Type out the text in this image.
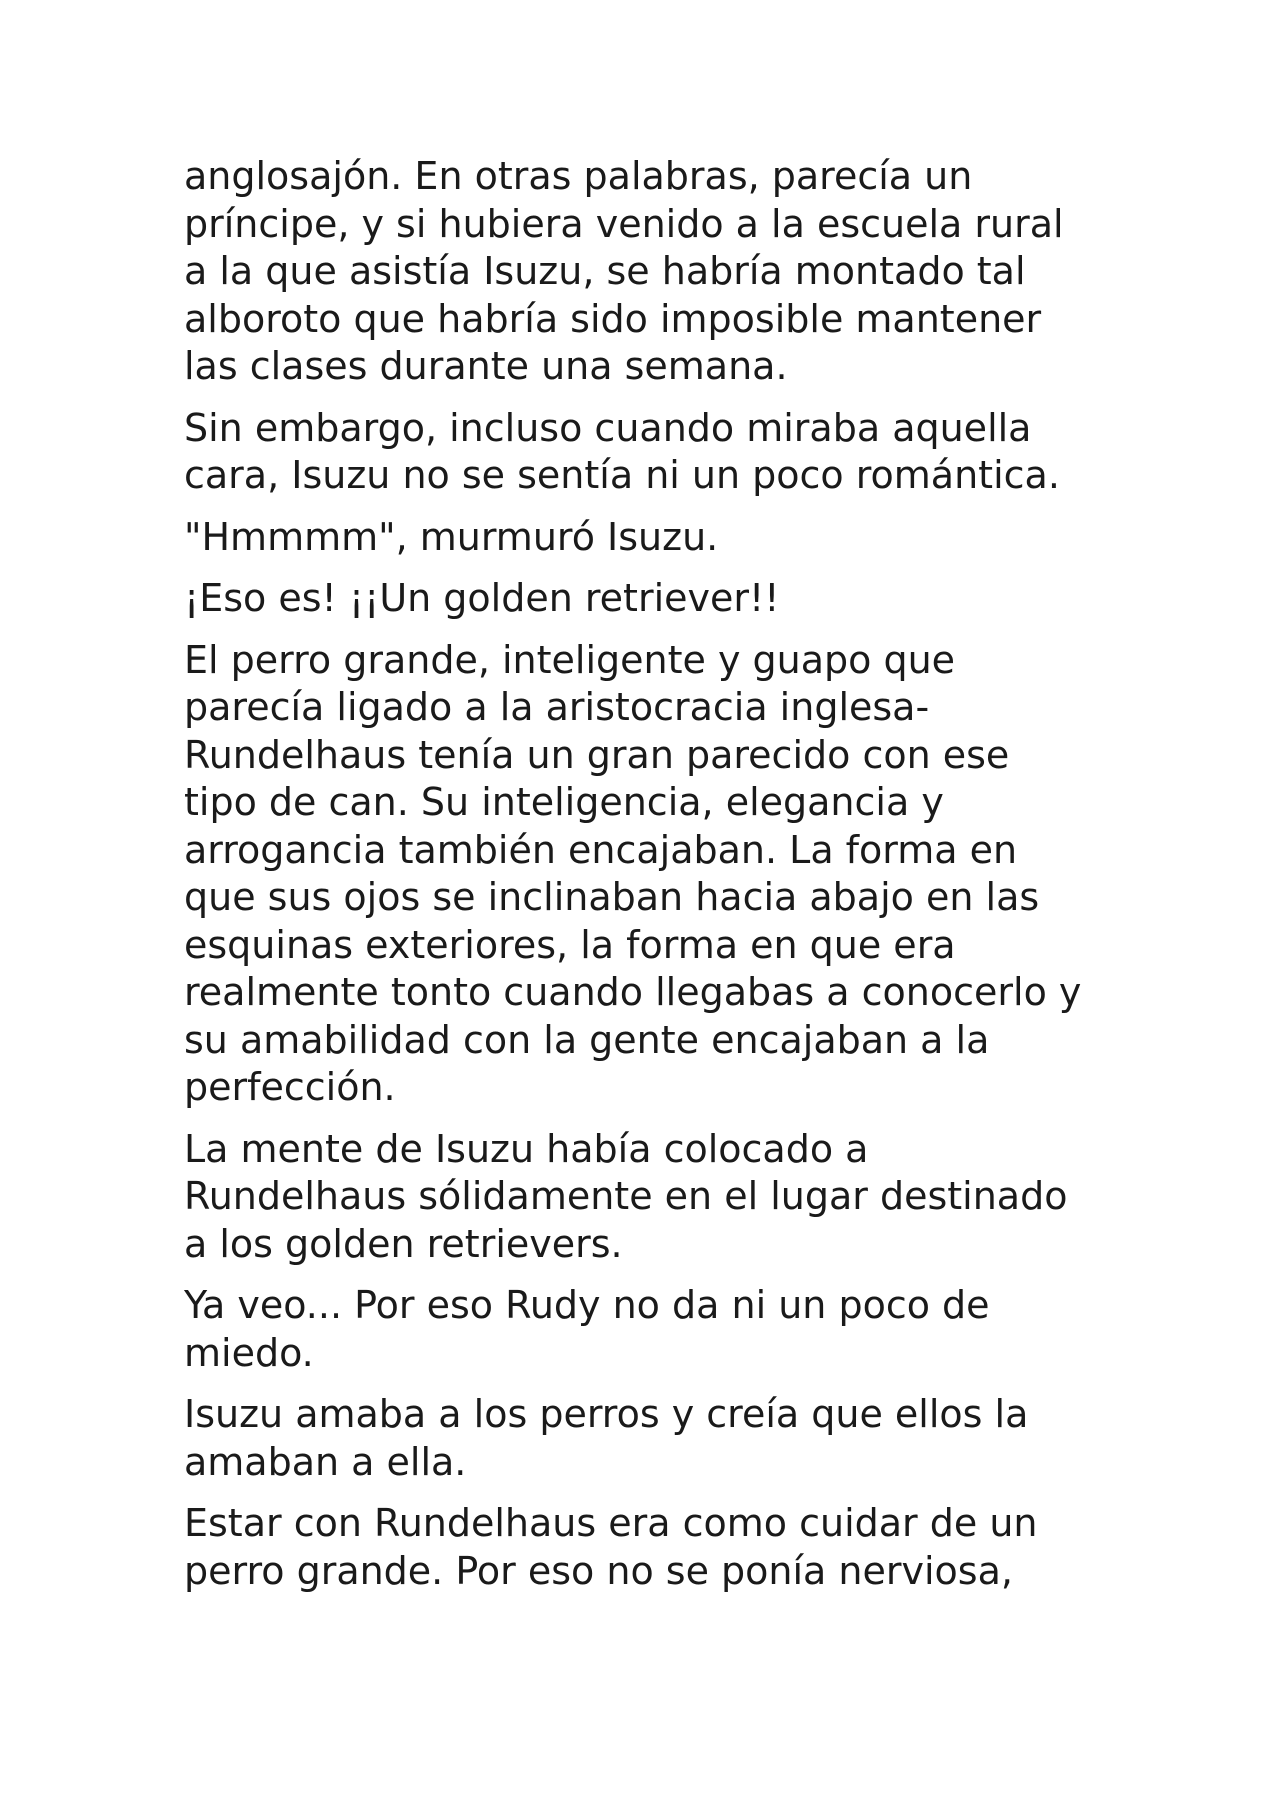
anglosajón. En otras palabras, parecía un
príncipe, y si hubiera venido a la escuela rural
a la que asistía Isuzu, se habría montado tal
alboroto que habría sido imposible mantener
las clases durante una semana.

Sin embargo, incluso cuando miraba aquella
cara, Isuzu no se sentía ni un poco romántica.

"Hmmmm", murmuró Isuzu.

¡Eso es! ¡¡Un golden retriever!!

El perro grande, inteligente y guapo que
parecía ligado a la aristocracia inglesa-
Rundelhaus tenía un gran parecido con ese
tipo de can. Su inteligencia, elegancia y
arrogancia también encajaban. La forma en
que sus ojos se inclinaban hacia abajo en las
esquinas exteriores, la forma en que era
realmente tonto cuando llegabas a conocerlo y
su amabilidad con la gente encajaban a la
perfección.

La mente de Isuzu había colocado a
Rundelhaus sólidamente en el lugar destinado
a los golden retrievers.

Ya veo... Por eso Rudy no da ni un poco de
miedo.

Isuzu amaba a los perros y creía que ellos la
amaban a ella.

Estar con Rundelhaus era como cuidar de un
perro grande. Por eso no se ponía nerviosa,
